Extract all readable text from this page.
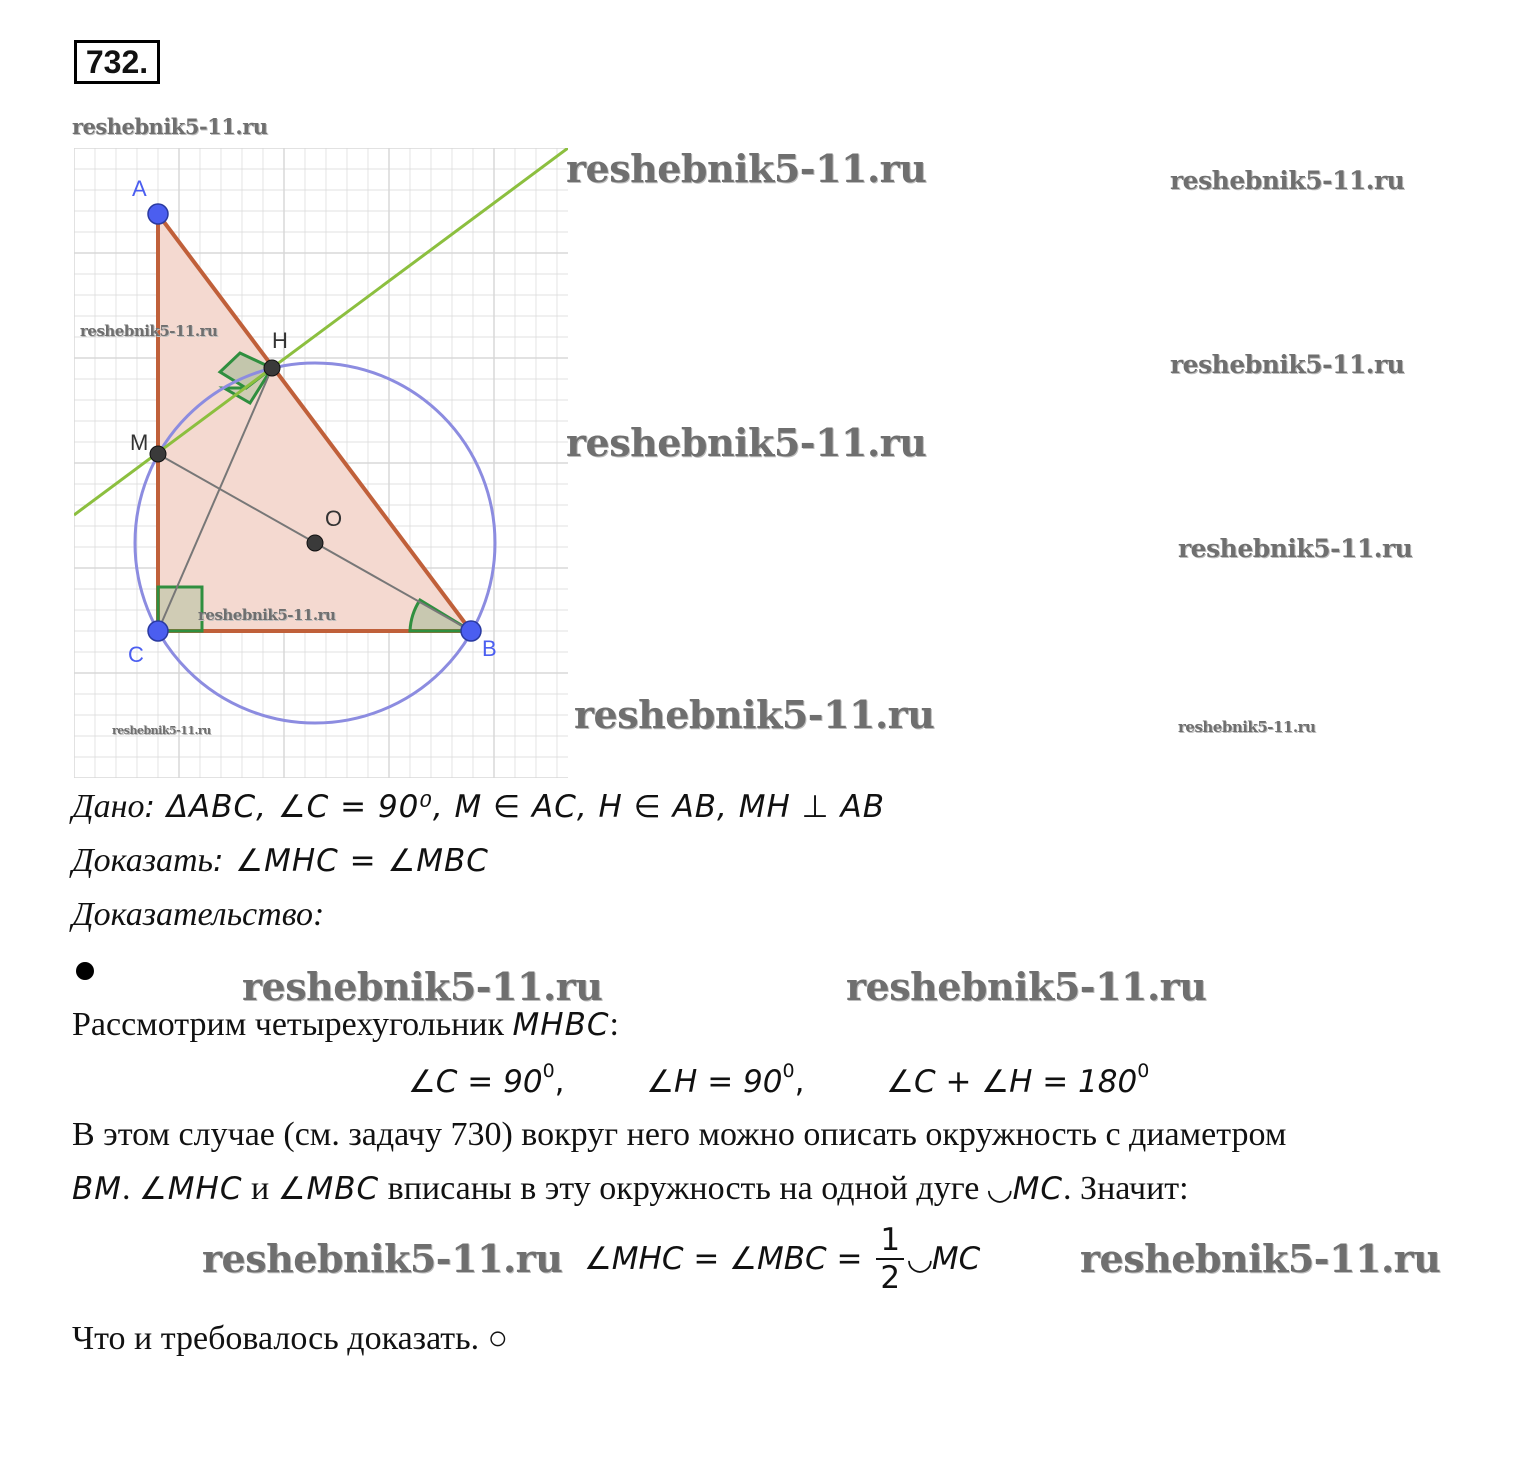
732.
A
H
M
O
C	B
reshebnik5-11.ru
reshebnik5-11.ru	reshebnik5-11.ru
reshebnik5-11.ru
reshebnik5-11.ru
reshebnik5-11.ru
reshebnik5-11.ru
reshebnik5-11.ru
reshebnik5-11.ru	reshebnik5-11.ru
reshebnik5-11.ru
reshebnik5-11.ru	reshebnik5-11.ru
reshebnik5-11.ru	reshebnik5-11.ru
Дано: ΔABC, ∠C = 90⁰, M ∈ AC, H ∈ AB, MH ⊥ AB
Доказать: ∠MHC = ∠MBC
Доказательство:
Рассмотрим четырехугольник MHBC:
∠C = $90^0$,	∠H = $90^0$,	∠C + ∠H = $180^0$
В этом случае (см. задачу 730) вокруг него можно описать окружность с диаметром
BM. ∠MHC и ∠MBC вписаны в эту окружность на одной дуге ◡MC. Значит:
∠MHC = ∠MBC = $\frac{1}{2}$ ◡MC
Что и требовалось доказать. ○
